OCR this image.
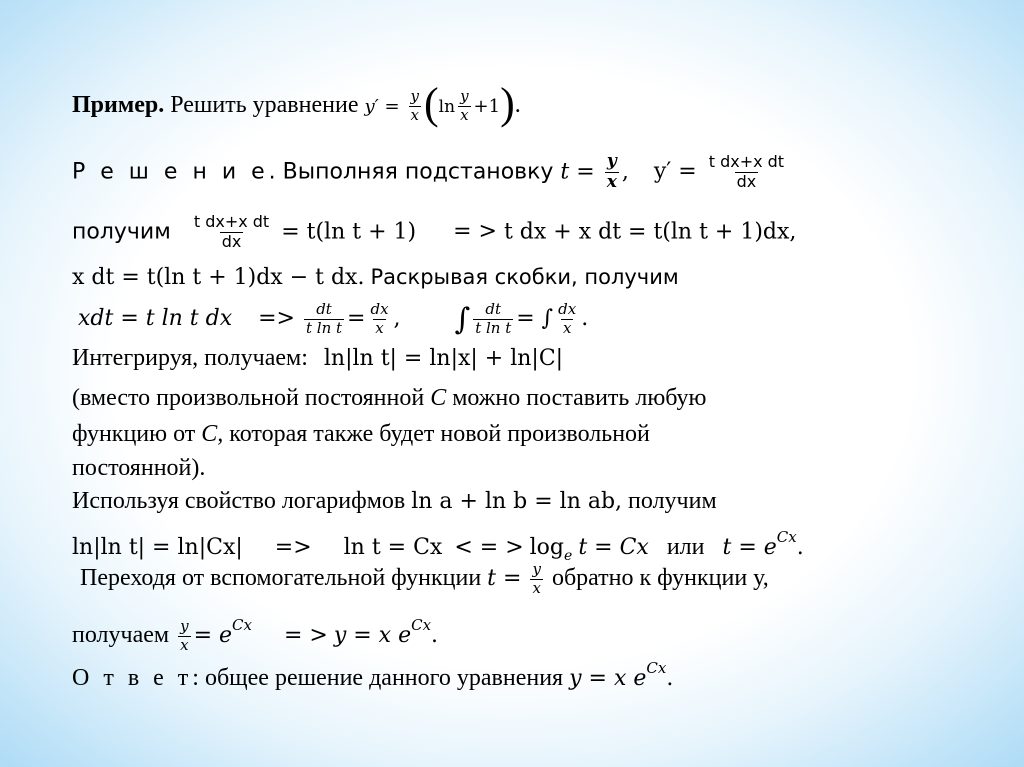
Пример. Решить уравнение $y' = \frac{y}{x} (\ln \frac{y}{x} +1)$.
Р е ш е н и е. Выполняя подстановку $t = \frac{y}{x}$ , $y' = \frac{\text{t dx+x dt}}{dx}$
получим $\frac{\text{t dx+x dt}}{dx} = t(\ln$ t + 1) = > t dx + x dt = t(ln t + 1)dx,
x dt = t(ln t + 1)dx − t dx. Раскрывая скобки, получим
xdt = t ln t dx => $\frac{dt}{\text{t ln t}} = \frac{dx}{x}$ , ∫ $\frac{dt}{\text{t ln t}}$ = ∫ $\frac{dx}{x}$ .
Интегрируя, получаем: ln|ln t| = ln|x| + ln|C|
(вместо произвольной постоянной C можно поставить любую
функцию от C, которая также будет новой произвольной
постоянной).
Используя свойство логарифмов ln a + ln b = ln ab, получим
ln|ln t| = ln|Cx| => ln t = Cx < = > $\log_e t = Cx$ или $t = e^{Cx}$.
Переходя от вспомогательной функции $t = \frac{y}{x}$ обратно к функции у,
получаем $\frac{y}{x} = e^{Cx}$ = > y = x $e^{Cx}$.
О т в е т: общее решение данного уравнения y = x $e^{Cx}$.
